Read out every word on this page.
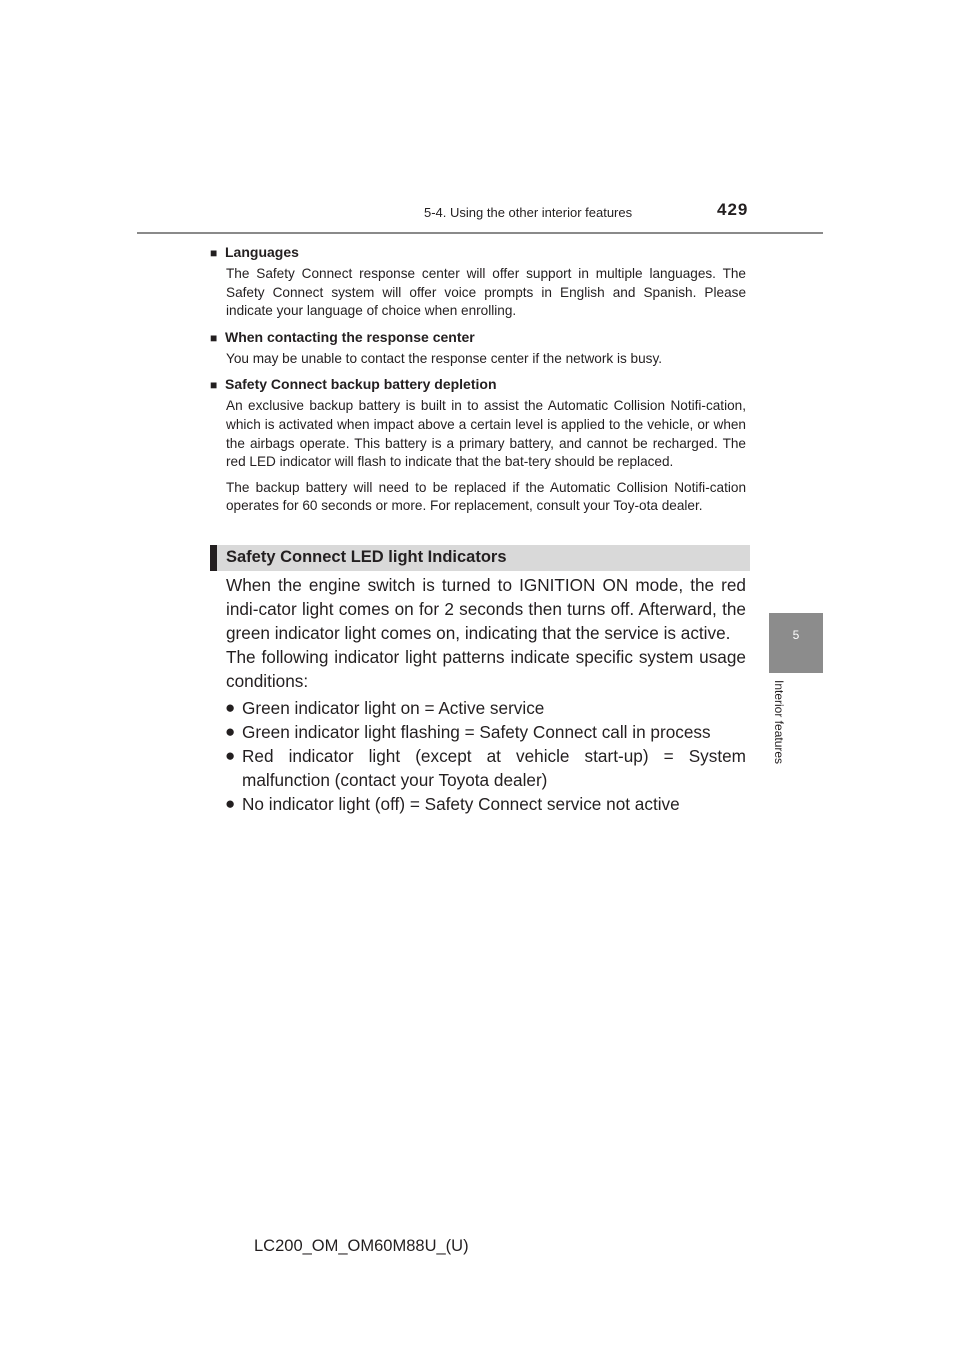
5-4. Using the other interior features	429
5
Interior features
■ Languages

The Safety Connect response center will offer support in multiple languages. The Safety Connect system will offer voice prompts in English and Spanish. Please indicate your language of choice when enrolling.

■ When contacting the response center

You may be unable to contact the response center if the network is busy.

■ Safety Connect backup battery depletion

An exclusive backup battery is built in to assist the Automatic Collision Notifi-cation, which is activated when impact above a certain level is applied to the vehicle, or when the airbags operate. This battery is a primary battery, and cannot be recharged. The red LED indicator will flash to indicate that the bat-tery should be replaced.

The backup battery will need to be replaced if the Automatic Collision Notifi-cation operates for 60 seconds or more. For replacement, consult your Toy-ota dealer.

Safety Connect LED light Indicators

When the engine switch is turned to IGNITION ON mode, the red indi-cator light comes on for 2 seconds then turns off. Afterward, the green indicator light comes on, indicating that the service is active.

The following indicator light patterns indicate specific system usage conditions:

● Green indicator light on = Active service
● Green indicator light flashing = Safety Connect call in process
● Red indicator light (except at vehicle start-up) = System malfunction (contact your Toyota dealer)
● No indicator light (off) = Safety Connect service not active
LC200_OM_OM60M88U_(U)
